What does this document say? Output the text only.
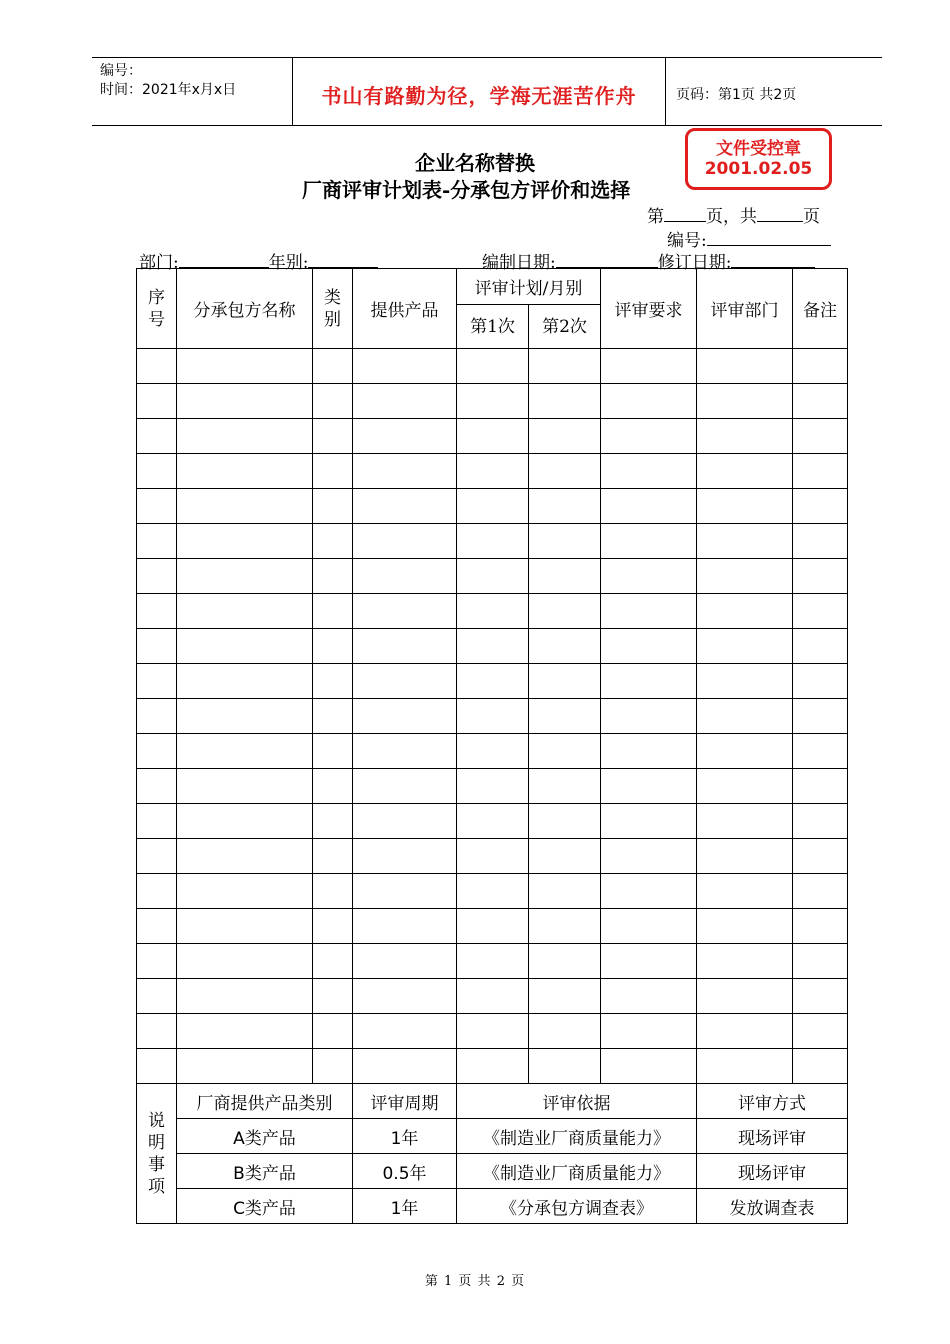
编号：
时间：2021年x月x日	书山有路勤为径，学海无涯苦作舟	页码：第1页 共2页
文件受控章
2001.02.05
企业名称替换
厂商评审计划表-分承包方评价和选择
第 页，共	页
编号:
部门:	年别:	编制日期:	修订日期:
序号	分承包方名称	类别	提供产品	评审计划/月别		评审要求	评审部门	备注

				第1次	第2次			

说明事项	厂商提供产品类别		评审周期	评审依据			评审方式	
	A类产品		1年	《制造业厂商质量能力》			现场评审	
	B类产品		0.5年	《制造业厂商质量能力》			现场评审	
	C类产品		1年	《分承包方调查表》			发放调查表	
第 1 页 共 2 页
